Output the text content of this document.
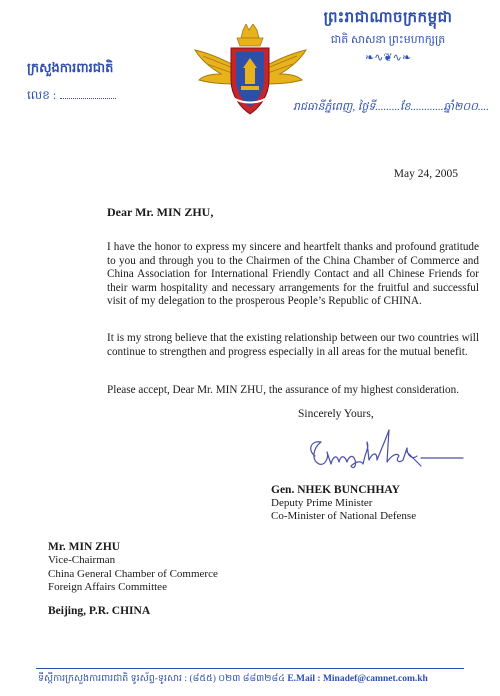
ព្រះរាជាណាចក្រកម្ពុជា
ជាតិ សាសនា ព្រះមហាក្សត្រ
❧∿❦∿❧
ក្រសួងការពារជាតិ
លេខ :
រាជធានីភ្នំពេញ, ថ្ងៃទី.........ខែ............ឆ្នាំ២០០....
May 24, 2005
Dear Mr. MIN ZHU,
I have the honor to express my sincere and heartfelt thanks and profound gratitude to you and through you to the Chairmen of the China Chamber of Commerce and China Association for International Friendly Contact and all Chinese Friends for their warm hospitality and necessary arrangements for the fruitful and successful visit of my delegation to the prosperous People’s Republic of CHINA.
It is my strong believe that the existing relationship between our two countries will continue to strengthen and progress especially in all areas for the mutual benefit.
Please accept, Dear Mr. MIN ZHU, the assurance of my highest consideration.
Sincerely Yours,
Gen. NHEK BUNCHHAY
Deputy Prime Minister
Co-Minister of National Defense
Mr. MIN ZHU
Vice-Chairman
China General Chamber of Commerce
Foreign Affairs Committee
Beijing, P.R. CHINA
ទីស្តីការក្រសួងការពារជាតិ ទូរស័ព្ទ-ទូរសារ : (៨៥៥) ០២៣ ៨៨៣២៨៤ E.Mail : Minadef@camnet.com.kh
